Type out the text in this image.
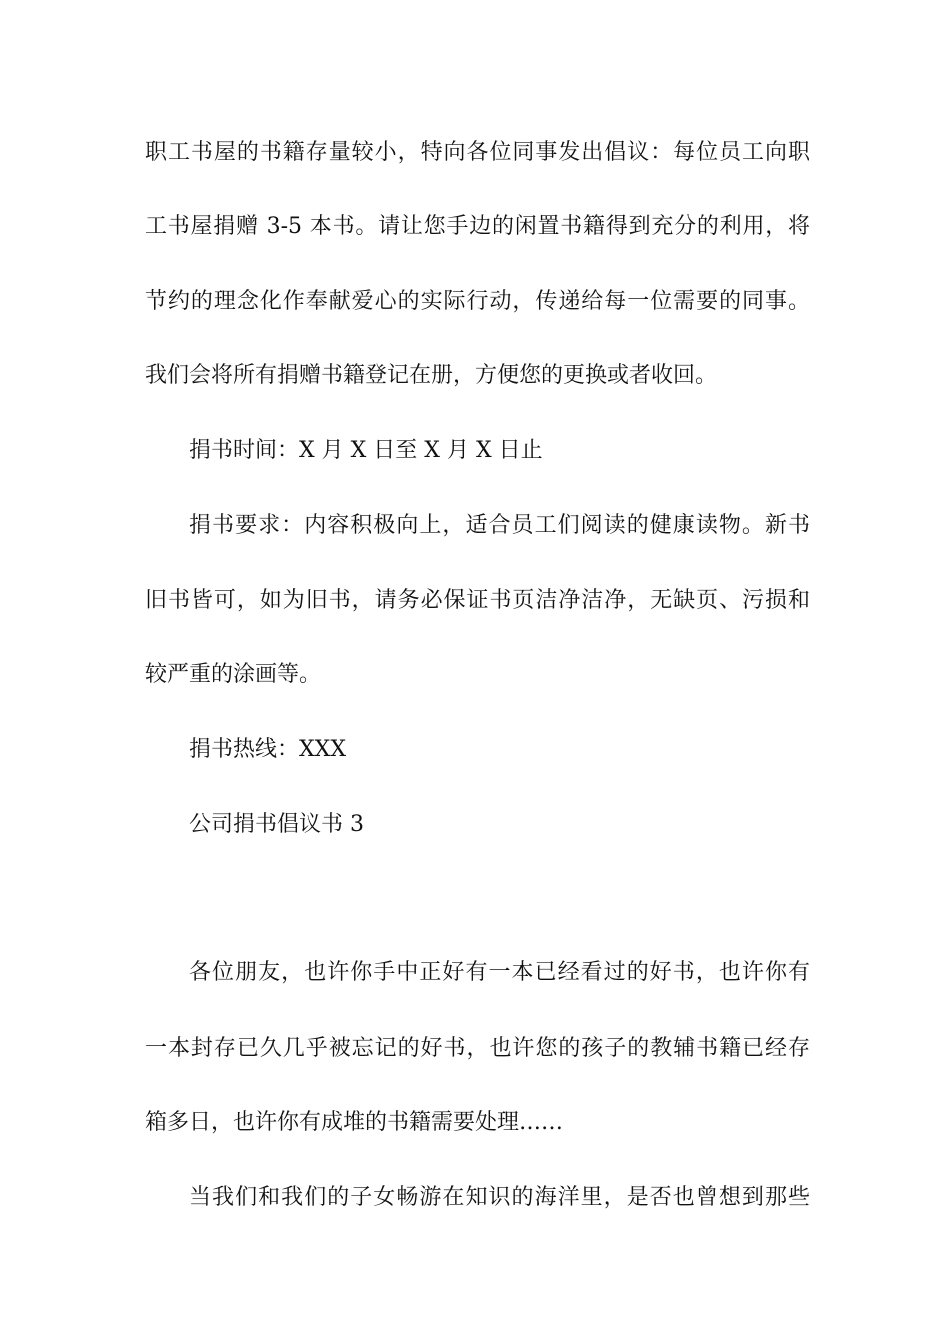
职工书屋的书籍存量较小，特向各位同事发出倡议：每位员工向职
工书屋捐赠 3-5 本书。请让您手边的闲置书籍得到充分的利用，将
节约的理念化作奉献爱心的实际行动，传递给每一位需要的同事。
我们会将所有捐赠书籍登记在册，方便您的更换或者收回。
捐书时间：X 月 X 日至 X 月 X 日止
捐书要求：内容积极向上，适合员工们阅读的健康读物。新书
旧书皆可，如为旧书，请务必保证书页洁净洁净，无缺页、污损和
较严重的涂画等。
捐书热线：XXX
公司捐书倡议书 3
各位朋友，也许你手中正好有一本已经看过的好书，也许你有
一本封存已久几乎被忘记的好书，也许您的孩子的教辅书籍已经存
箱多日，也许你有成堆的书籍需要处理……
当我们和我们的子女畅游在知识的海洋里，是否也曾想到那些
